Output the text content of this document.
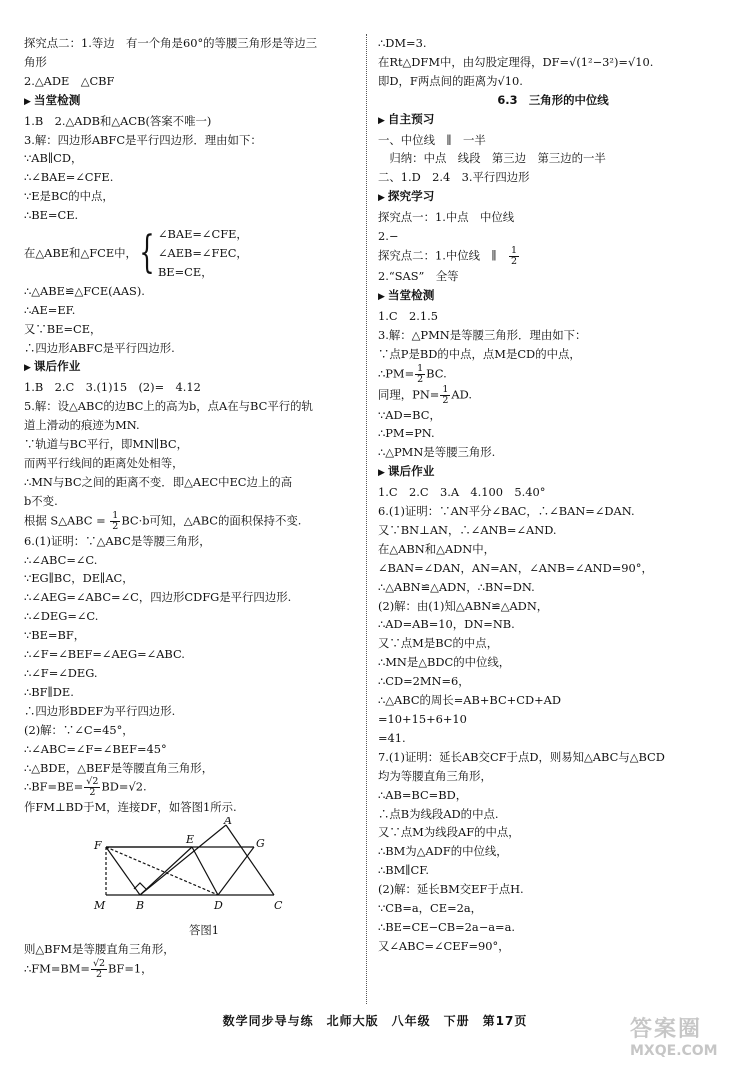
探究点二：1.等边　有一个角是60°的等腰三角形是等边三
角形
2.△ADE　△CBF
▶ 当堂检测
1.B　2.△ADB和△ACB(答案不唯一)
3.解：四边形ABFC是平行四边形．理由如下：
∵AB∥CD，
∴∠BAE=∠CFE.
∵E是BC的中点，
∴BE=CE.
在△ABE和△FCE中， { ∠BAE=∠CFE，
∠AEB=∠FEC，
BE=CE，
∴△ABE≌△FCE(AAS).
∴AE=EF.
又∵BE=CE，
∴四边形ABFC是平行四边形.
▶ 课后作业
1.B　2.C　3.(1)15　(2)=　4.12
5.解：设△ABC的边BC上的高为b，点A在与BC平行的轨
道上滑动的痕迹为MN.
∵轨道与BC平行，即MN∥BC，
而两平行线间的距离处处相等，
∴MN与BC之间的距离不变．即△AEC中EC边上的高
b不变.
根据 S△ABC = $\frac{1}{2} BC\cdot b$可知，△ABC的面积保持不变.
6.(1)证明：∵△ABC是等腰三角形，
∴∠ABC=∠C.
∵EG∥BC，DE∥AC，
∴∠AEG=∠ABC=∠C，四边形CDFG是平行四边形.
∴∠DEG=∠C.
∵BE=BF，
∴∠F=∠BEF=∠AEG=∠ABC.
∴∠F=∠DEG.
∴BF∥DE.
∴四边形BDEF为平行四边形.
(2)解：∵∠C=45°，
∴∠ABC=∠F=∠BEF=45°
∴△BDE，△BEF是等腰直角三角形，
∴BF=BE= $\frac{√2}{2} BD=√2$.
作FM⊥BD于M，连接DF，如答图1所示.
A
E	G
F
M	B	D	C
答图1
则△BFM是等腰直角三角形，
∴FM=BM= $\frac{√2}{2} BF=1$，
∴DM=3.
在Rt△DFM中，由勾股定理得，DF=√(1²−3²)=√10.
即D，F两点间的距离为√10.
6.3　三角形的中位线
▶ 自主预习
一、中位线　∥　一半
　归纳：中点　线段　第三边　第三边的一半
二、1.D　2.4　3.平行四边形
▶ 探究学习
探究点一：1.中点　中位线
2.−
探究点二：1.中位线　∥　 $\frac{1}{2}$
2.“SAS”　全等
▶ 当堂检测
1.C　2.1.5
3.解：△PMN是等腰三角形．理由如下：
∵点P是BD的中点，点M是CD的中点，
∴PM= $\frac{1}{2}$ BC.
同理，$PN= \frac{1}{2}$ AD.
∵AD=BC，
∴PM=PN.
∴△PMN是等腰三角形.
▶ 课后作业
1.C　2.C　3.A　4.100　5.40°
6.(1)证明：∵AN平分∠BAC，∴∠BAN=∠DAN.
又∵BN⊥AN，∴∠ANB=∠AND.
在△ABN和△ADN中，
∠BAN=∠DAN，AN=AN，∠ANB=∠AND=90°，
∴△ABN≌△ADN，∴BN=DN.
(2)解：由(1)知△ABN≌△ADN，
∴AD=AB=10，DN=NB.
又∵点M是BC的中点，
∴MN是△BDC的中位线，
∴CD=2MN=6，
∴△ABC的周长=AB+BC+CD+AD
=10+15+6+10
=41.
7.(1)证明：延长AB交CF于点D，则易知△ABC与△BCD
均为等腰直角三角形，
∴AB=BC=BD，
∴点B为线段AD的中点.
又∵点M为线段AF的中点，
∴BM为△ADF的中位线，
∴BM∥CF.
(2)解：延长BM交EF于点H.
∵CB=a，CE=2a，
∴BE=CE−CB=2a−a=a.
又∠ABC=∠CEF=90°，
数学同步导与练　北师大版　八年级　下册　第17页	答案圈
MXQE.COM
